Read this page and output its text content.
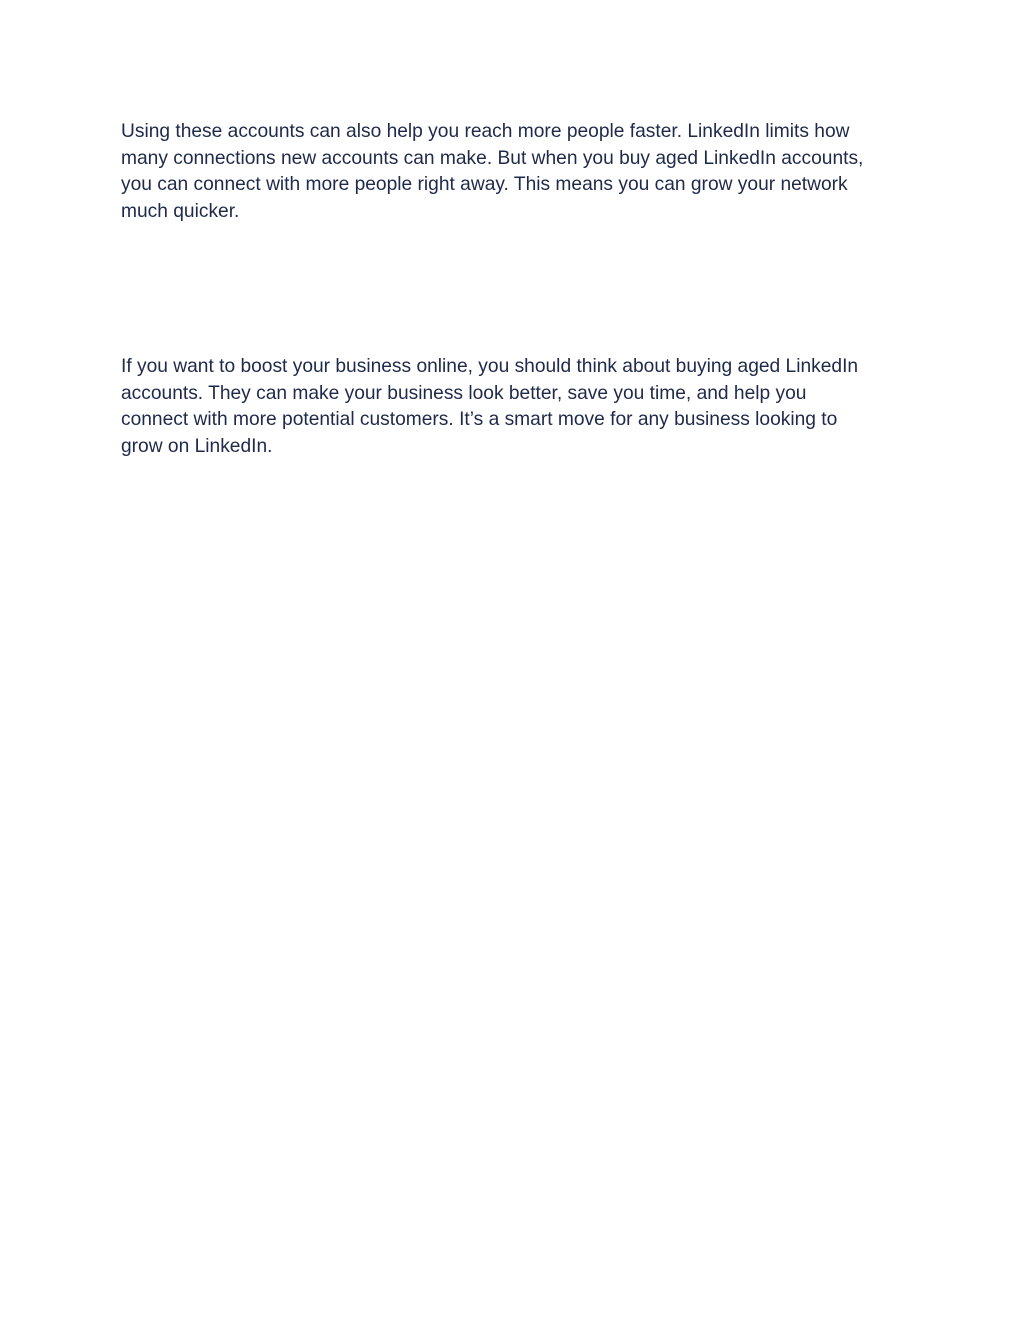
Using these accounts can also help you reach more people faster. LinkedIn limits how
many connections new accounts can make. But when you buy aged LinkedIn accounts,
you can connect with more people right away. This means you can grow your network
much quicker.

If you want to boost your business online, you should think about buying aged LinkedIn
accounts. They can make your business look better, save you time, and help you
connect with more potential customers. It’s a smart move for any business looking to
grow on LinkedIn.
